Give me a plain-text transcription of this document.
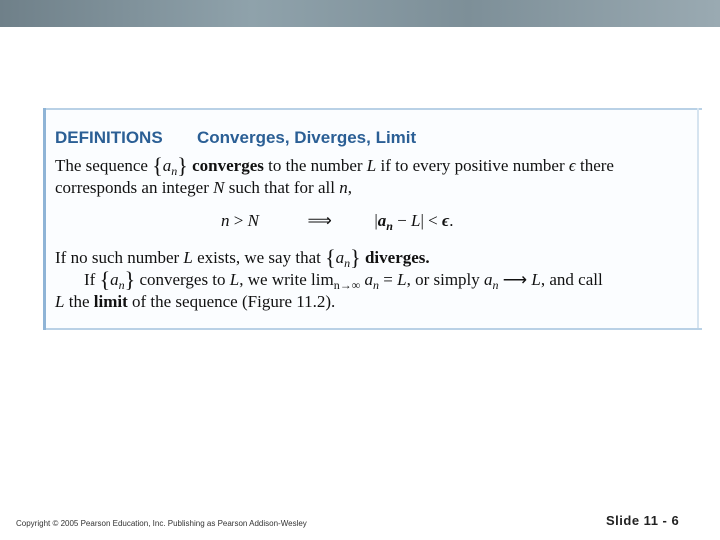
DEFINITIONS Converges, Diverges, Limit
The sequence $\{a_n\}$ converges to the number L if to every positive number ϵ there
corresponds an integer N such that for all n,
n > N	⟹	$|a_n - L| < \epsilon$.
If no such number L exists, we say that $\{a_n\}$ diverges.
If $\{a_n\}$ converges to L, we write $\lim_{n\to\infty} a_n = L$, or simply $a_n$ ⟶ L, and call
L the limit of the sequence (Figure 11.2).
Copyright © 2005 Pearson Education, Inc. Publishing as Pearson Addison-Wesley	Slide 11 - 6
